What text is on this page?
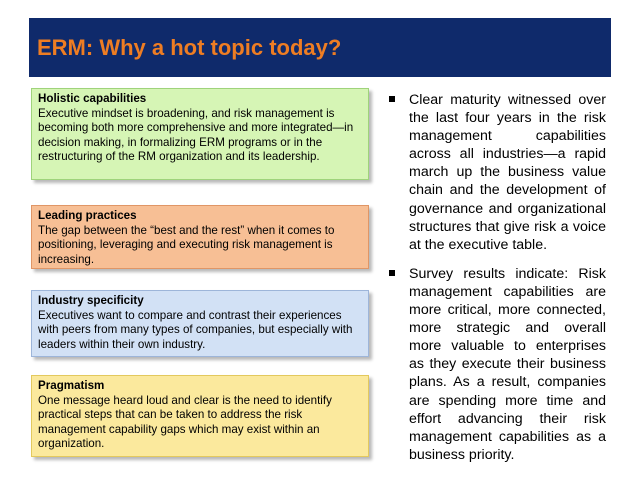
ERM: Why a hot topic today?
Holistic capabilities
Executive mindset is broadening, and risk management is becoming both more comprehensive and more integrated—in decision making, in formalizing ERM programs or in the restructuring of the RM organization and its leadership.
Leading practices
The gap between the “best and the rest” when it comes to positioning, leveraging and executing risk management is increasing.
Industry specificity
Executives want to compare and contrast their experiences with peers from many types of companies, but especially with leaders within their own industry.
Pragmatism
One message heard loud and clear is the need to identify practical steps that can be taken to address the risk management capability gaps which may exist within an organization.
Clear maturity witnessed over the last four years in the risk management capabilities across all industries—a rapid march up the business value chain and the development of governance and organizational structures that give risk a voice at the executive table.
Survey results indicate: Risk management capabilities are more critical, more connected, more strategic and overall more valuable to enterprises as they execute their business plans. As a result, companies are spending more time and effort advancing their risk management capabilities as a business priority.
